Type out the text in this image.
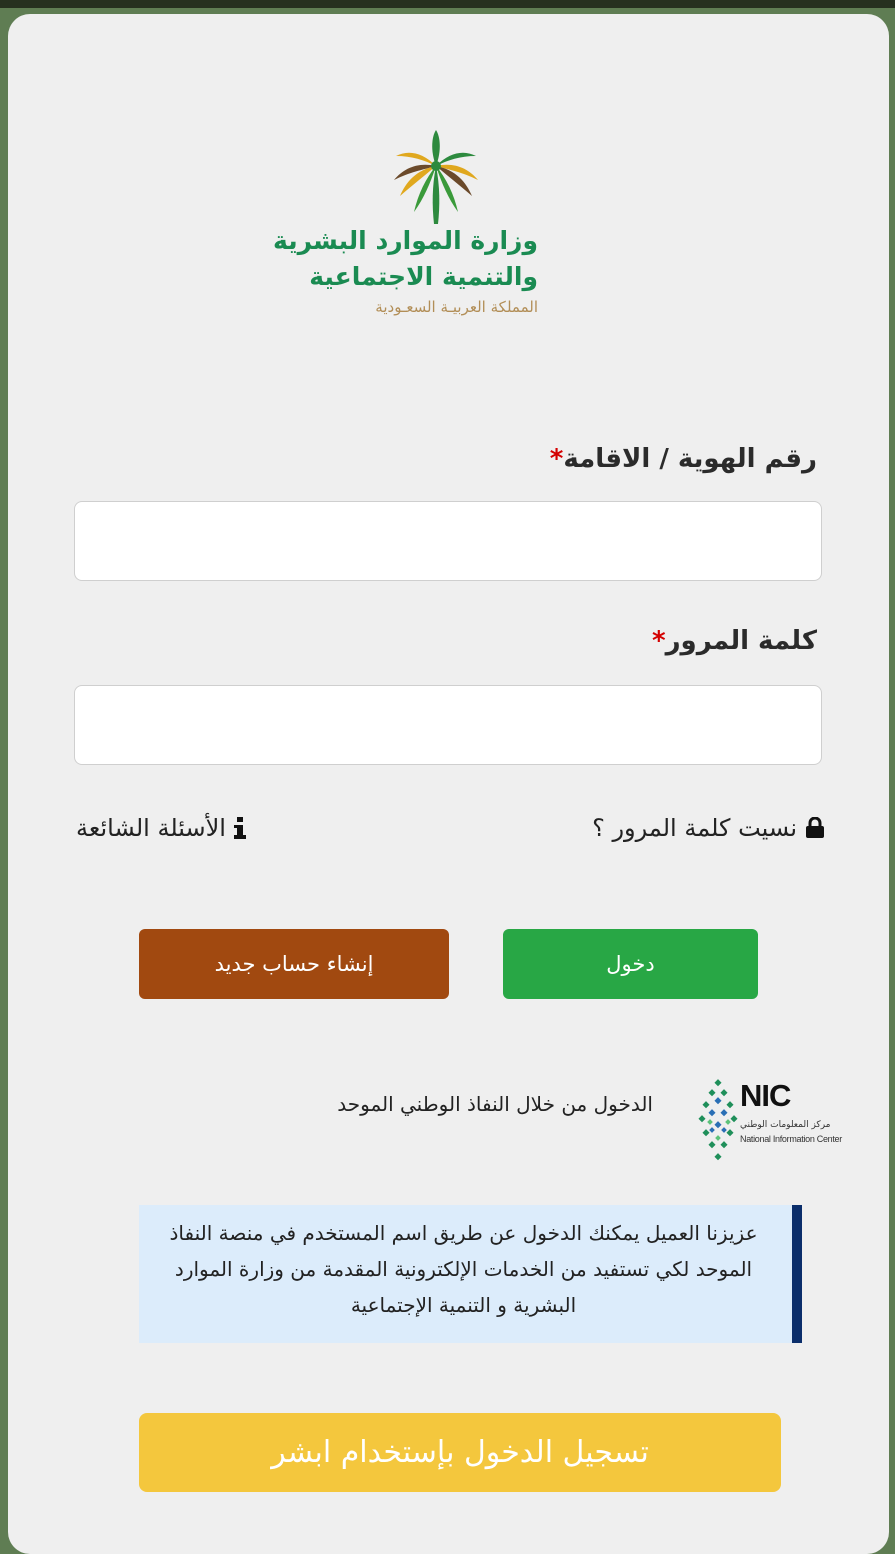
وزارة الموارد البشرية
والتنمية الاجتماعية
المملكة العربيـة السعـودية
رقم الهوية / الاقامة*
كلمة المرور*
نسيت كلمة المرور ؟
الأسئلة الشائعة
دخول
إنشاء حساب جديد
NIC
مركز المعلومات الوطني
National Information Center
الدخول من خلال النفاذ الوطني الموحد
عزيزنا العميل يمكنك الدخول عن طريق اسم المستخدم في منصة النفاذ الموحد لكي تستفيد من الخدمات الإلكترونية المقدمة من وزارة الموارد البشرية و التنمية الإجتماعية
تسجيل الدخول بإستخدام ابشر
